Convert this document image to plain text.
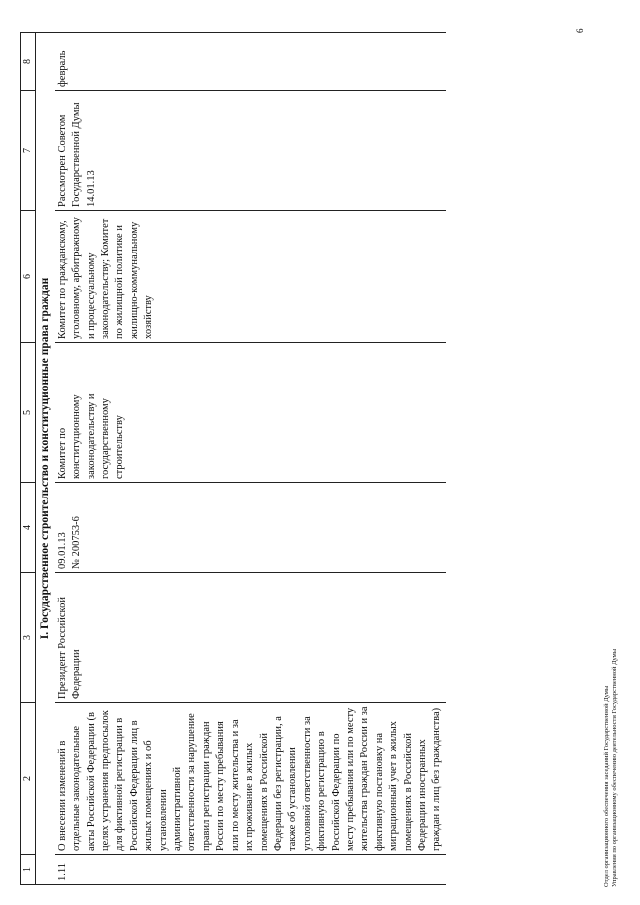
1	2	3	4	5	6	7	8
I. Государственное строительство и конституционные права граждан							
1.11	О внесении изменений в отдельные законодательные акты Российской Федерации (в целях устранения предпосылок для фиктивной регистрации в Российской Федерации лиц в жилых помещениях и об установлении административной ответственности за нарушение правил регистрации граждан России по месту пребывания или по месту жительства и за их проживание в жилых помещениях в Российской Федерации без регистрации, а также об установлении уголовной ответственности за фиктивную регистрацию в Российской Федерации по месту пребывания или по месту жительства граждан России и за фиктивную постановку на миграционный учет в жилых помещениях в Российской Федерации иностранных граждан и лиц без гражданства)	Президент Российской Федерации	09.01.13 № 200753-6	Комитет по конституционному законодательству и государственному строительству	Комитет по гражданскому, уголовному, арбитражному и процессуальному законодательству; Комитет по жилищной политике и жилищно-коммунальному хозяйству	Рассмотрен Советом Государственной Думы 14.01.13	февраль
Отдел организационного обеспечения заседаний Государственной Думы Управления по организационному обеспечению деятельности Государственной Думы
6
